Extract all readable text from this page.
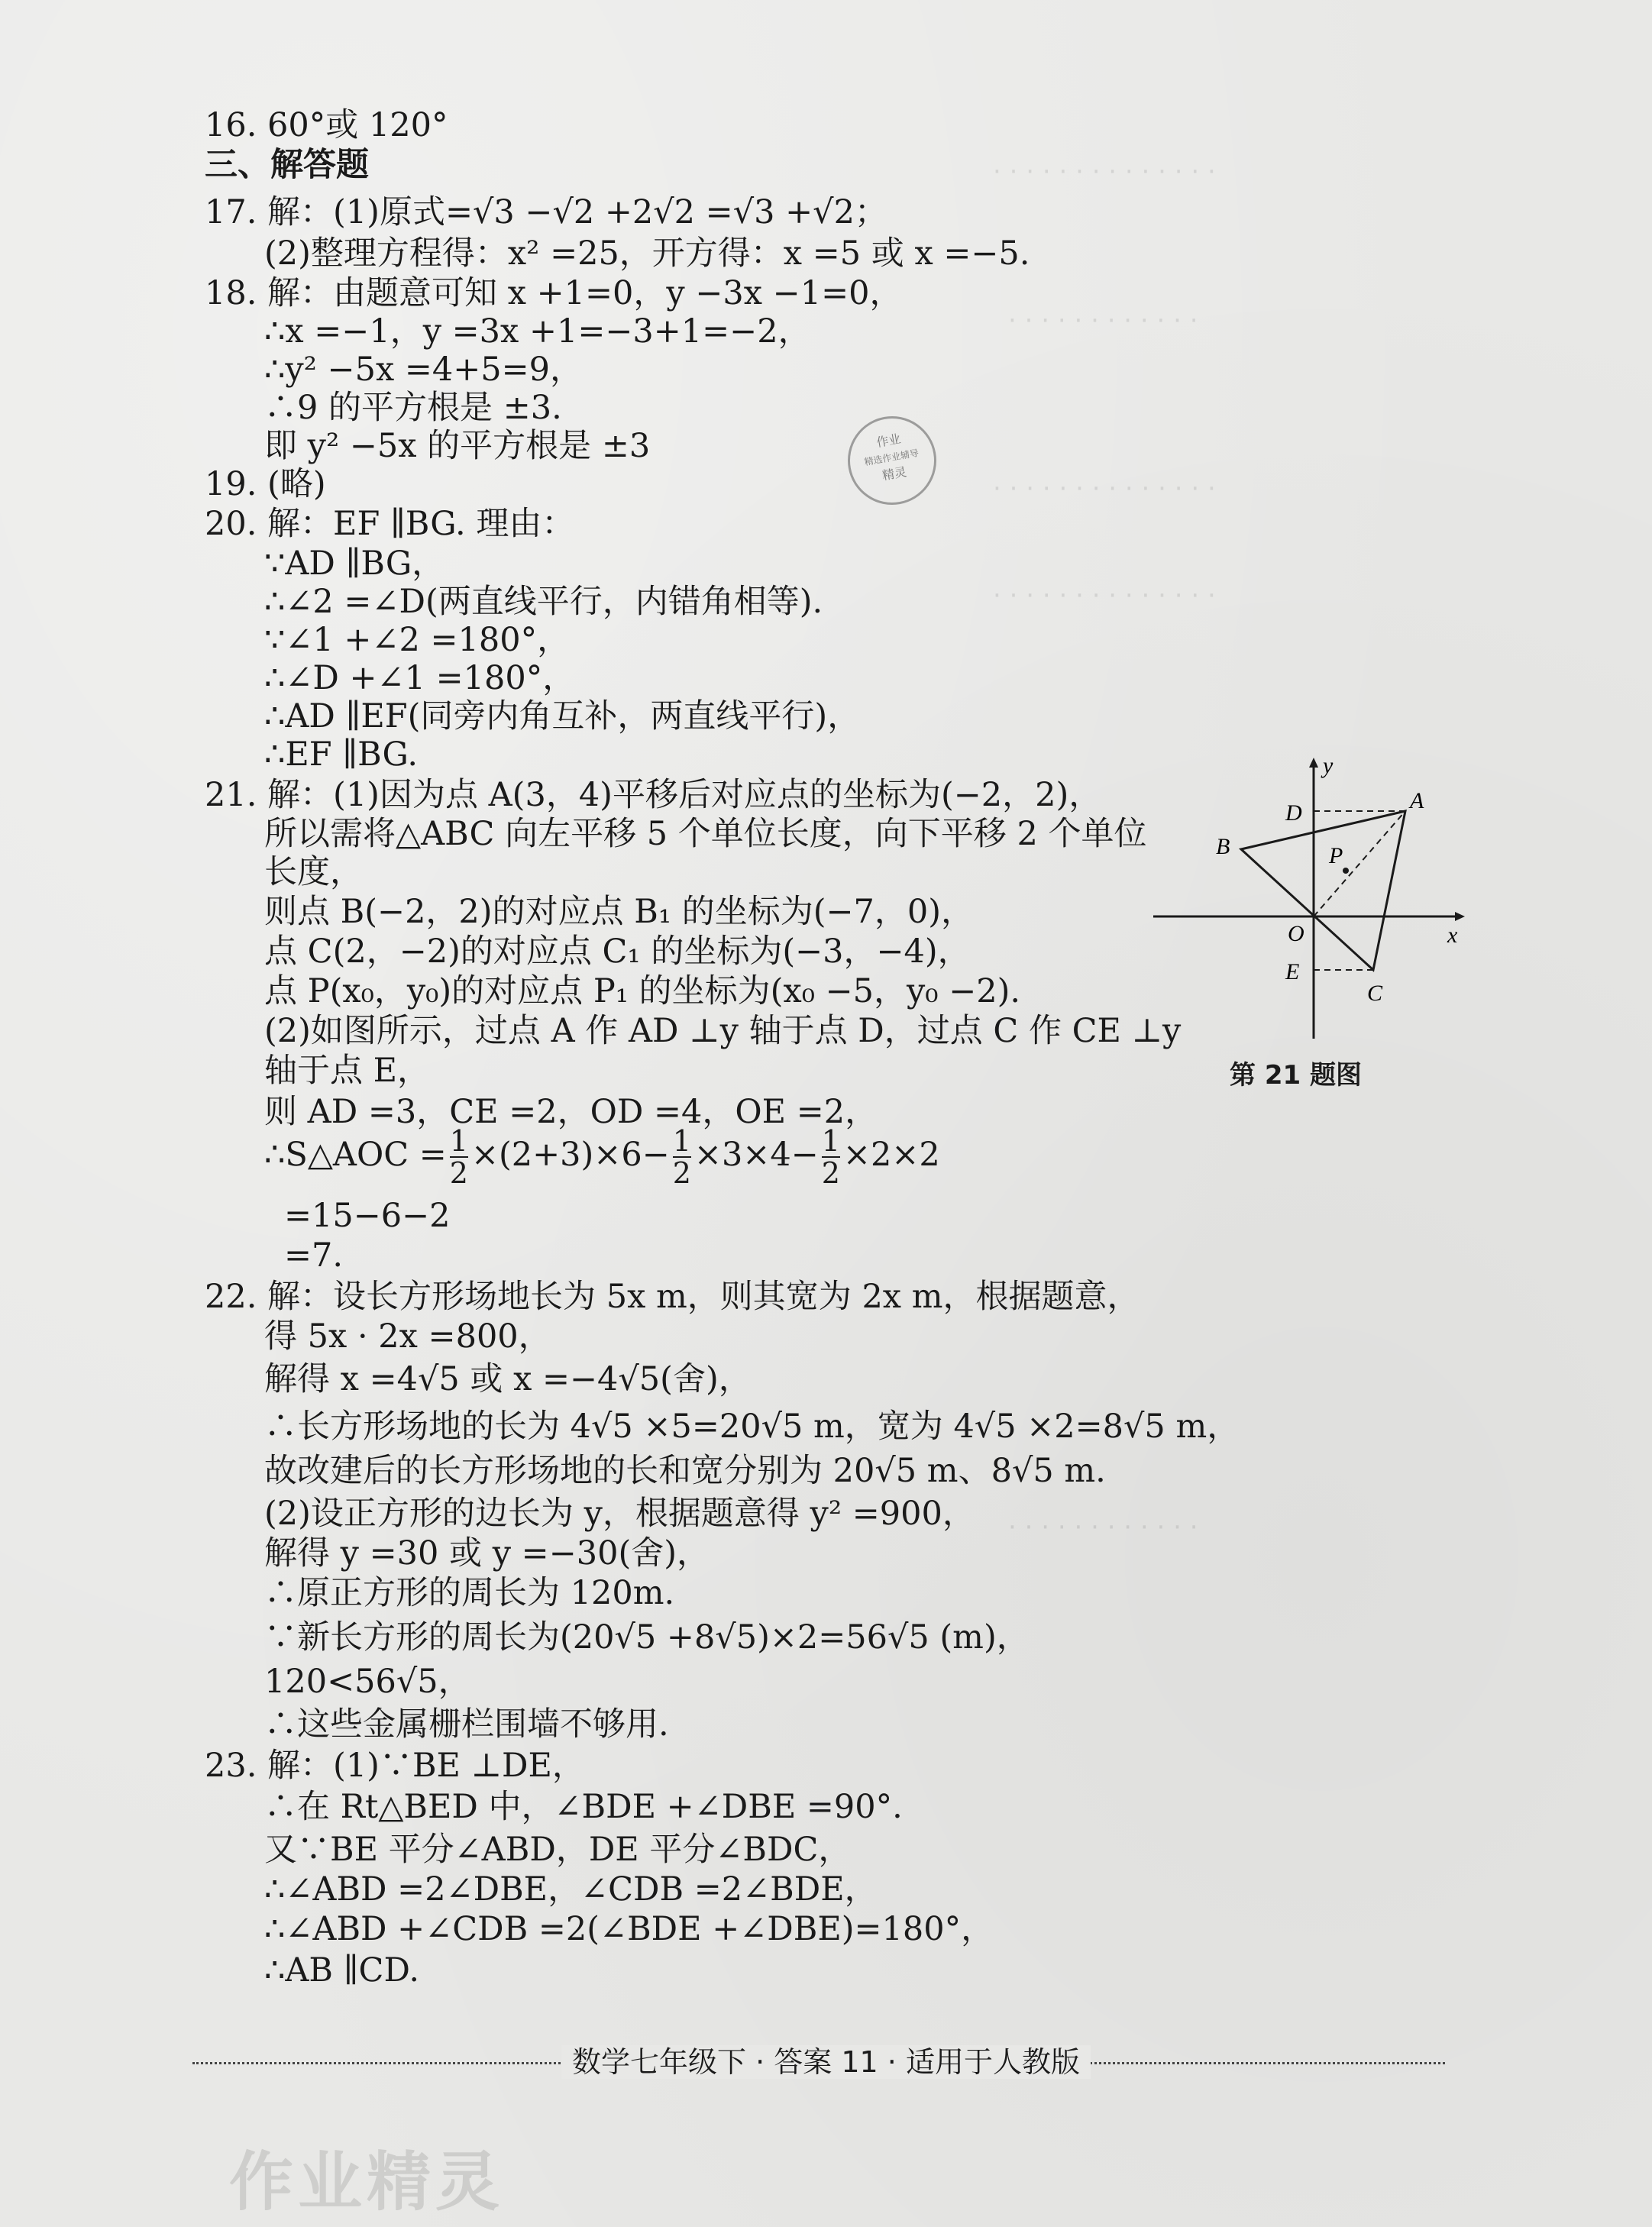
· · · · · · · · · · · · · ·
· · · · · · · · · · · ·
· · · · · · · · · · · · · ·
· · · · · · · · · · · · · ·
· · · · · · · · · · · ·
16. 60°或 120°
三、解答题
17. 解：(1)原式=√3 −√2 +2√2 =√3 +√2；
(2)整理方程得：x² =25，开方得：x =5 或 x =−5.
18. 解：由题意可知 x +1=0，y −3x −1=0，
∴x =−1，y =3x +1=−3+1=−2，
∴y² −5x =4+5=9，
∴9 的平方根是 ±3.
即 y² −5x 的平方根是 ±3
19. (略)
20. 解：EF ∥BG. 理由：
∵AD ∥BG，
∴∠2 =∠D(两直线平行，内错角相等).
∵∠1 +∠2 =180°，
∴∠D +∠1 =180°，
∴AD ∥EF(同旁内角互补，两直线平行)，
∴EF ∥BG.
21. 解：(1)因为点 A(3，4)平移后对应点的坐标为(−2，2)，
所以需将△ABC 向左平移 5 个单位长度，向下平移 2 个单位
长度，
则点 B(−2，2)的对应点 B₁ 的坐标为(−7，0)，
点 C(2，−2)的对应点 C₁ 的坐标为(−3，−4)，
点 P(x₀，y₀)的对应点 P₁ 的坐标为(x₀ −5，y₀ −2).
(2)如图所示，过点 A 作 AD ⊥y 轴于点 D，过点 C 作 CE ⊥y
轴于点 E，
则 AD =3，CE =2，OD =4，OE =2，
∴S△AOC = $\frac{1}{2} \times(2+3)\times 6- \frac{1}{2} \times 3\times 4- \frac{1}{2} \times 2\times 2$
=15−6−2
=7.
22. 解：设长方形场地长为 5x m，则其宽为 2x m，根据题意，
得 5x · 2x =800，
解得 x =4√5 或 x =−4√5(舍)，
∴长方形场地的长为 4√5 ×5=20√5 m，宽为 4√5 ×2=8√5 m，
故改建后的长方形场地的长和宽分别为 20√5 m、8√5 m.
(2)设正方形的边长为 y，根据题意得 y² =900，
解得 y =30 或 y =−30(舍)，
∴原正方形的周长为 120m.
∵新长方形的周长为(20√5 +8√5)×2=56√5 (m)，
120<56√5，
∴这些金属栅栏围墙不够用.
23. 解：(1)∵BE ⊥DE，
∴在 Rt△BED 中，∠BDE +∠DBE =90°.
又∵BE 平分∠ABD，DE 平分∠BDC，
∴∠ABD =2∠DBE，∠CDB =2∠BDE，
∴∠ABD +∠CDB =2(∠BDE +∠DBE)=180°，
∴AB ∥CD.
y
x
A
B
C
D
E
O
P
第 21 题图
作业
精选作业辅导
精灵
数学七年级下 · 答案 11 · 适用于人教版
作业精灵
